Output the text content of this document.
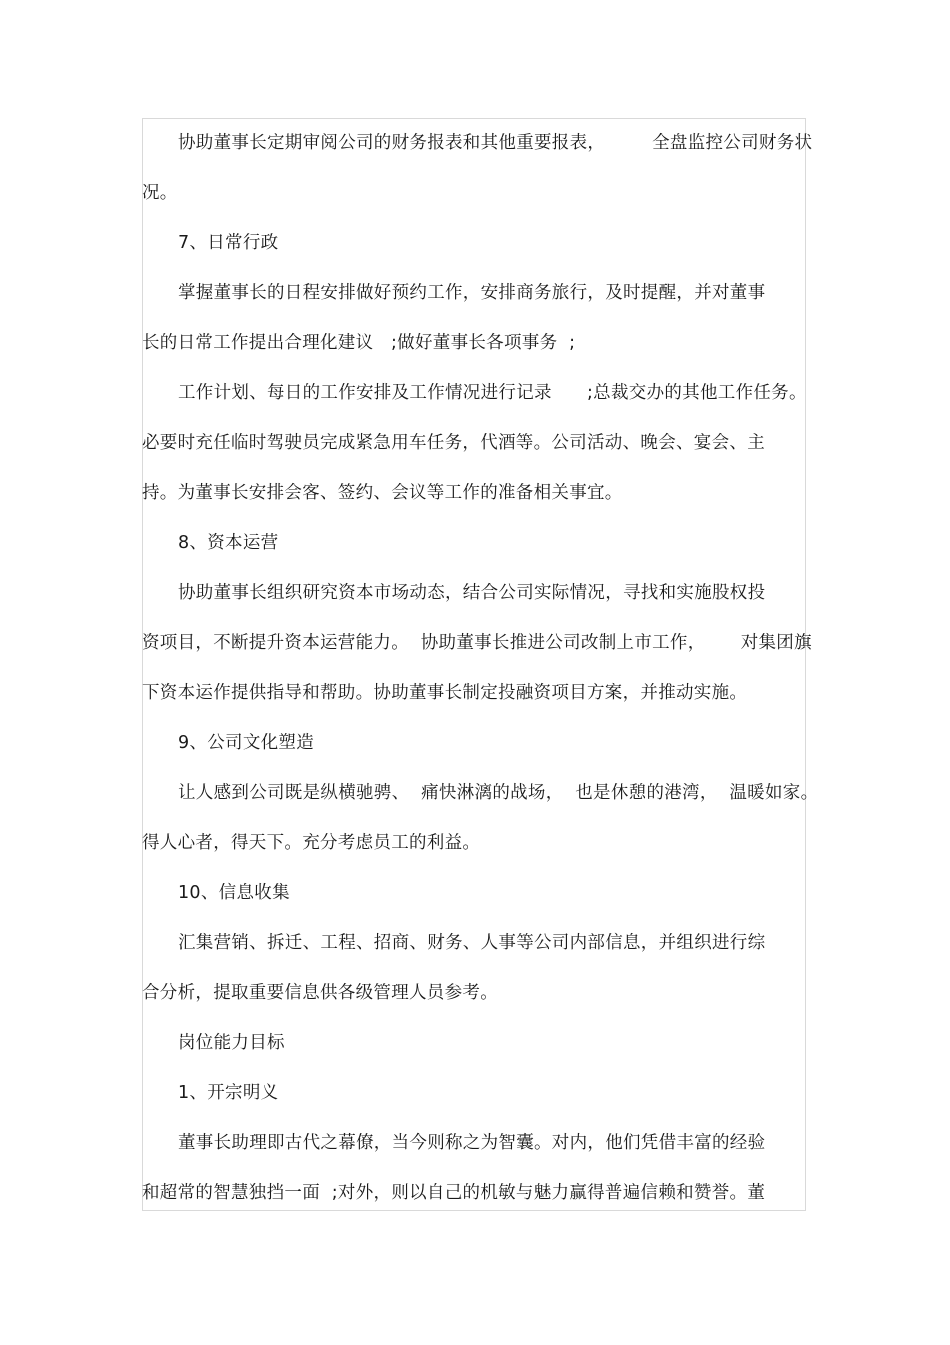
协助董事长定期审阅公司的财务报表和其他重要报表，        全盘监控公司财务状
况。
7、日常行政
掌握董事长的日程安排做好预约工作，安排商务旅行，及时提醒，并对董事
长的日常工作提出合理化建议   ;做好董事长各项事务  ;
工作计划、每日的工作安排及工作情况进行记录      ;总裁交办的其他工作任务。
必要时充任临时驾驶员完成紧急用车任务，代酒等。公司活动、晚会、宴会、主
持。为董事长安排会客、签约、会议等工作的准备相关事宜。
8、资本运营
协助董事长组织研究资本市场动态，结合公司实际情况，寻找和实施股权投
资项目，不断提升资本运营能力。  协助董事长推进公司改制上市工作，      对集团旗
下资本运作提供指导和帮助。协助董事长制定投融资项目方案，并推动实施。
9、公司文化塑造
让人感到公司既是纵横驰骋、  痛快淋漓的战场，  也是休憩的港湾，  温暖如家。
得人心者，得天下。充分考虑员工的利益。
10、信息收集
汇集营销、拆迁、工程、招商、财务、人事等公司内部信息，并组织进行综
合分析，提取重要信息供各级管理人员参考。
岗位能力目标
1、开宗明义
董事长助理即古代之幕僚，当今则称之为智囊。对内，他们凭借丰富的经验
和超常的智慧独挡一面  ;对外，则以自己的机敏与魅力赢得普遍信赖和赞誉。董
